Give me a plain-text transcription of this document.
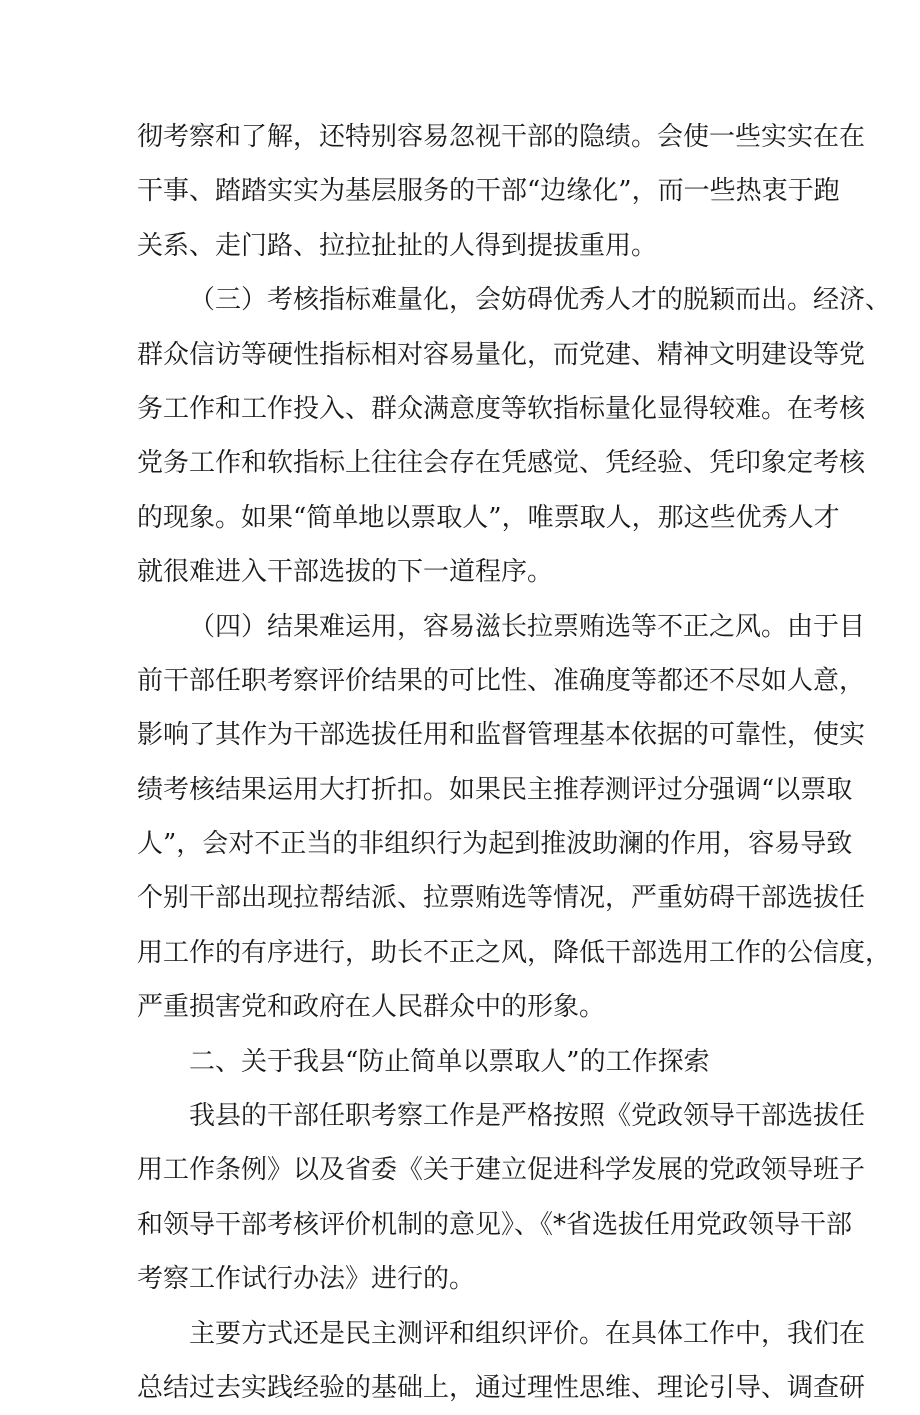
彻考察和了解，还特别容易忽视干部的隐绩。会使一些实实在在
干事、踏踏实实为基层服务的干部“边缘化”，而一些热衷于跑
关系、走门路、拉拉扯扯的人得到提拔重用。
（三）考核指标难量化，会妨碍优秀人才的脱颖而出。经济、
群众信访等硬性指标相对容易量化，而党建、精神文明建设等党
务工作和工作投入、群众满意度等软指标量化显得较难。在考核
党务工作和软指标上往往会存在凭感觉、凭经验、凭印象定考核
的现象。如果“简单地以票取人”，唯票取人，那这些优秀人才
就很难进入干部选拔的下一道程序。
（四）结果难运用，容易滋长拉票贿选等不正之风。由于目
前干部任职考察评价结果的可比性、准确度等都还不尽如人意，
影响了其作为干部选拔任用和监督管理基本依据的可靠性，使实
绩考核结果运用大打折扣。如果民主推荐测评过分强调“以票取
人”，会对不正当的非组织行为起到推波助澜的作用，容易导致
个别干部出现拉帮结派、拉票贿选等情况，严重妨碍干部选拔任
用工作的有序进行，助长不正之风，降低干部选用工作的公信度，
严重损害党和政府在人民群众中的形象。
二、关于我县“防止简单以票取人”的工作探索
我县的干部任职考察工作是严格按照《党政领导干部选拔任
用工作条例》以及省委《关于建立促进科学发展的党政领导班子
和领导干部考核评价机制的意见》、《*省选拔任用党政领导干部
考察工作试行办法》进行的。
主要方式还是民主测评和组织评价。在具体工作中，我们在
总结过去实践经验的基础上，通过理性思维、理论引导、调查研
